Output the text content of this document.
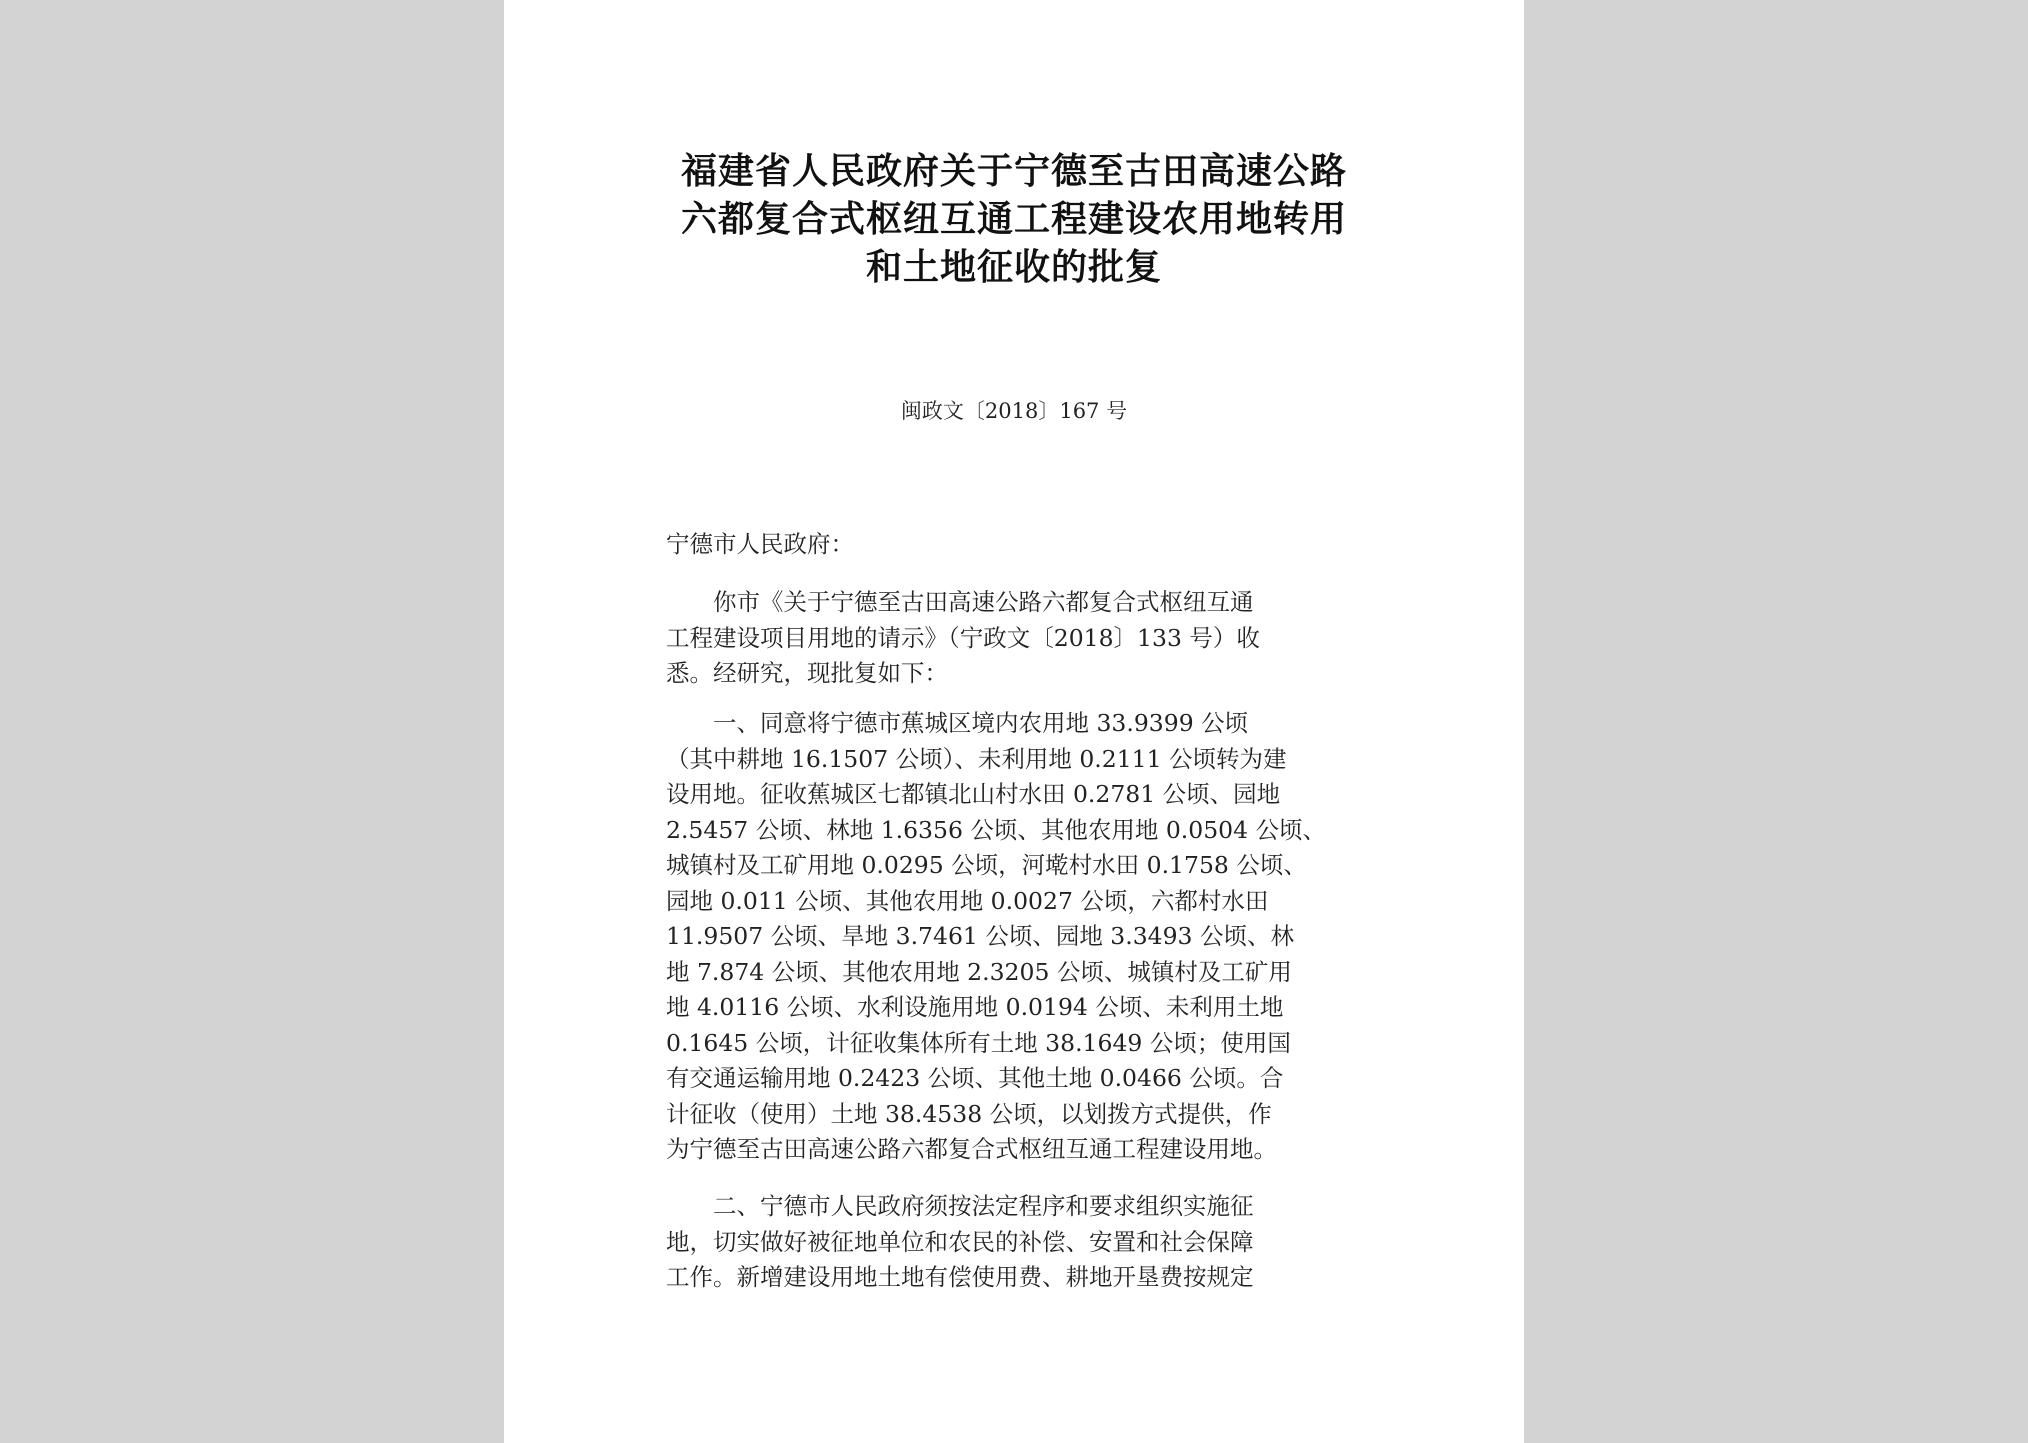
福建省人民政府关于宁德至古田高速公路
六都复合式枢纽互通工程建设农用地转用
和土地征收的批复
闽政文〔2018〕167 号
宁德市人民政府：
　　你市《关于宁德至古田高速公路六都复合式枢纽互通
工程建设项目用地的请示》（宁政文〔2018〕133 号）收
悉。经研究，现批复如下：
　　一、同意将宁德市蕉城区境内农用地 33.9399 公顷
（其中耕地 16.1507 公顷）、未利用地 0.2111 公顷转为建
设用地。征收蕉城区七都镇北山村水田 0.2781 公顷、园地
2.5457 公顷、林地 1.6356 公顷、其他农用地 0.0504 公顷、
城镇村及工矿用地 0.0295 公顷，河墘村水田 0.1758 公顷、
园地 0.011 公顷、其他农用地 0.0027 公顷，六都村水田
11.9507 公顷、旱地 3.7461 公顷、园地 3.3493 公顷、林
地 7.874 公顷、其他农用地 2.3205 公顷、城镇村及工矿用
地 4.0116 公顷、水利设施用地 0.0194 公顷、未利用土地
0.1645 公顷，计征收集体所有土地 38.1649 公顷；使用国
有交通运输用地 0.2423 公顷、其他土地 0.0466 公顷。合
计征收（使用）土地 38.4538 公顷，以划拨方式提供，作
为宁德至古田高速公路六都复合式枢纽互通工程建设用地。
　　二、宁德市人民政府须按法定程序和要求组织实施征
地，切实做好被征地单位和农民的补偿、安置和社会保障
工作。新增建设用地土地有偿使用费、耕地开垦费按规定
